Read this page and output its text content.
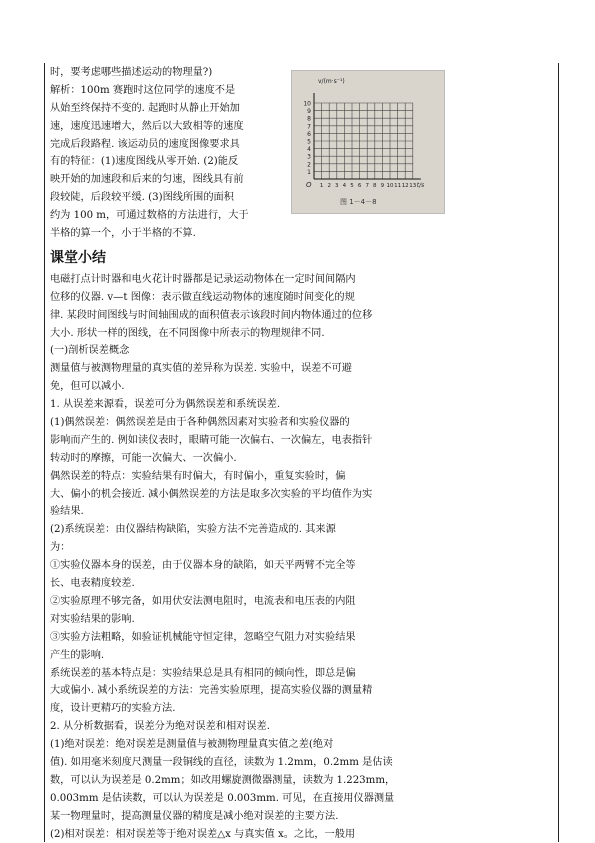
时，要考虑哪些描述运动的物理量?)
解析：100m 赛跑时这位同学的速度不是
从始至终保持不变的. 起跑时从静止开始加
速，速度迅速增大，然后以大致相等的速度
完成后段路程. 该运动员的速度图像要求具
有的特征：(1)速度图线从零开始. (2)能反
映开始的加速段和后来的匀速，图线具有前
段较陡，后段较平缓. (3)图线所围的面积
约为 100 m，可通过数格的方法进行，大于
半格的算一个，小于半格的不算.
课堂小结
电磁打点计时器和电火花计时器都是记录运动物体在一定时间间隔内
位移的仪器. v—t 图像：表示做直线运动物体的速度随时间变化的规
律. 某段时间图线与时间轴围成的面积值表示该段时间内物体通过的位移
大小. 形状一样的图线，在不同图像中所表示的物理规律不同.
(一)剖析误差概念
测量值与被测物理量的真实值的差异称为误差. 实验中，误差不可避
免，但可以减小.
1. 从误差来源看，误差可分为偶然误差和系统误差.
(1)偶然误差：偶然误差是由于各种偶然因素对实验者和实验仪器的
影响而产生的. 例如读仪表时，眼睛可能一次偏右、一次偏左，电表指针
转动时的摩擦，可能一次偏大、一次偏小.
偶然误差的特点：实验结果有时偏大，有时偏小，重复实验时，偏
大、偏小的机会接近. 减小偶然误差的方法是取多次实验的平均值作为实
验结果.
(2)系统误差：由仪器结构缺陷，实验方法不完善造成的. 其来源
为：
①实验仪器本身的误差，由于仪器本身的缺陷，如天平两臂不完全等
长、电表精度较差.
②实验原理不够完备，如用伏安法测电阻时，电流表和电压表的内阻
对实验结果的影响.
③实验方法粗略，如验证机械能守恒定律，忽略空气阻力对实验结果
产生的影响.
系统误差的基本特点是：实验结果总是具有相同的倾向性，即总是偏
大或偏小. 减小系统误差的方法：完善实验原理，提高实验仪器的测量精
度，设计更精巧的实验方法.
2. 从分析数据看，误差分为绝对误差和相对误差.
(1)绝对误差：绝对误差是测量值与被测物理量真实值之差(绝对
值). 如用毫米刻度尺测量一段铜线的直径，读数为 1.2mm，0.2mm 是估读
数，可以认为误差是 0.2mm；如改用螺旋测微器测量，读数为 1.223mm，
0.003mm 是估读数，可以认为误差是 0.003mm. 可见，在直接用仪器测量
某一物理量时，提高测量仪器的精度是减小绝对误差的主要方法.
(2)相对误差：相对误差等于绝对误差△x 与真实值 x。之比，一般用
1
2
3
4
5
6
7
8
9
10
1 2 3 4 5 6 7 8 9 10 11 12 13
O
v/(m·s⁻¹)
t/s
图 1－4－8
